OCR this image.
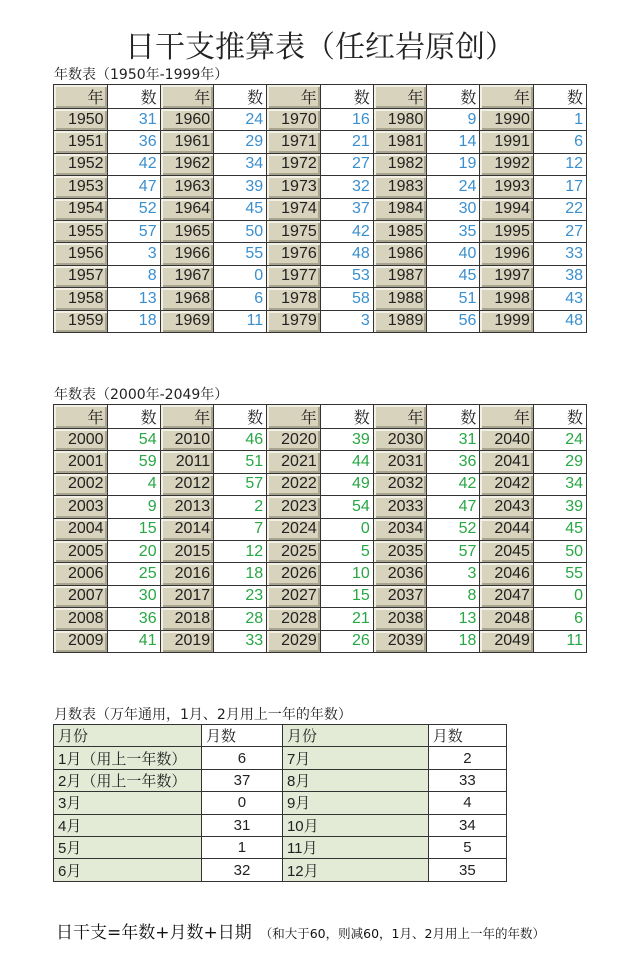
日干支推算表（任红岩原创）
年数表（1950年-1999年）
年	数	年	数	年	数	年	数	年	数
1950	31	1960	24	1970	16	1980	9	1990	1
1951	36	1961	29	1971	21	1981	14	1991	6
1952	42	1962	34	1972	27	1982	19	1992	12
1953	47	1963	39	1973	32	1983	24	1993	17
1954	52	1964	45	1974	37	1984	30	1994	22
1955	57	1965	50	1975	42	1985	35	1995	27
1956	3	1966	55	1976	48	1986	40	1996	33
1957	8	1967	0	1977	53	1987	45	1997	38
1958	13	1968	6	1978	58	1988	51	1998	43
1959	18	1969	11	1979	3	1989	56	1999	48
年数表（2000年-2049年）
年	数	年	数	年	数	年	数	年	数
2000	54	2010	46	2020	39	2030	31	2040	24
2001	59	2011	51	2021	44	2031	36	2041	29
2002	4	2012	57	2022	49	2032	42	2042	34
2003	9	2013	2	2023	54	2033	47	2043	39
2004	15	2014	7	2024	0	2034	52	2044	45
2005	20	2015	12	2025	5	2035	57	2045	50
2006	25	2016	18	2026	10	2036	3	2046	55
2007	30	2017	23	2027	15	2037	8	2047	0
2008	36	2018	28	2028	21	2038	13	2048	6
2009	41	2019	33	2029	26	2039	18	2049	11
月数表（万年通用，1月、2月用上一年的年数）
月份	月数	月份	月数
1月（用上一年数）	6	7月	2
2月（用上一年数）	37	8月	33
3月	0	9月	4
4月	31	10月	34
5月	1	11月	5
6月	32	12月	35
日干支=年数+月数+日期 （和大于60，则减60，1月、2月用上一年的年数）
